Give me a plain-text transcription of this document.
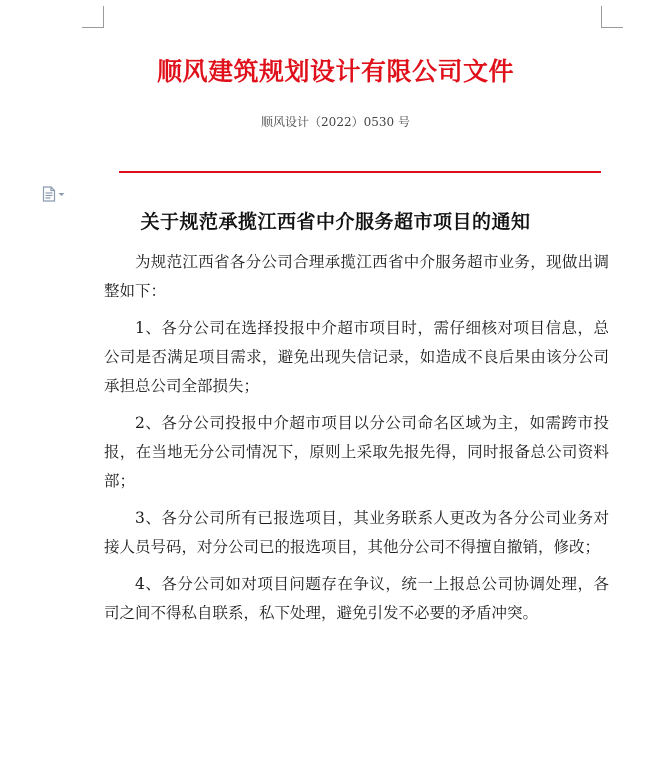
顺风建筑规划设计有限公司文件
顺风设计（2022）0530 号
关于规范承揽江西省中介服务超市项目的通知

为规范江西省各分公司合理承揽江西省中介服务超市业务，现做出调整如下：

1、各分公司在选择投报中介超市项目时，需仔细核对项目信息，总公司是否满足项目需求，避免出现失信记录，如造成不良后果由该分公司承担总公司全部损失；

2、各分公司投报中介超市项目以分公司命名区域为主，如需跨市投报，在当地无分公司情况下，原则上采取先报先得，同时报备总公司资料部；

3、各分公司所有已报选项目，其业务联系人更改为各分公司业务对接人员号码，对分公司已的报选项目，其他分公司不得擅自撤销，修改；

4、各分公司如对项目问题存在争议，统一上报总公司协调处理，各司之间不得私自联系，私下处理，避免引发不必要的矛盾冲突。
